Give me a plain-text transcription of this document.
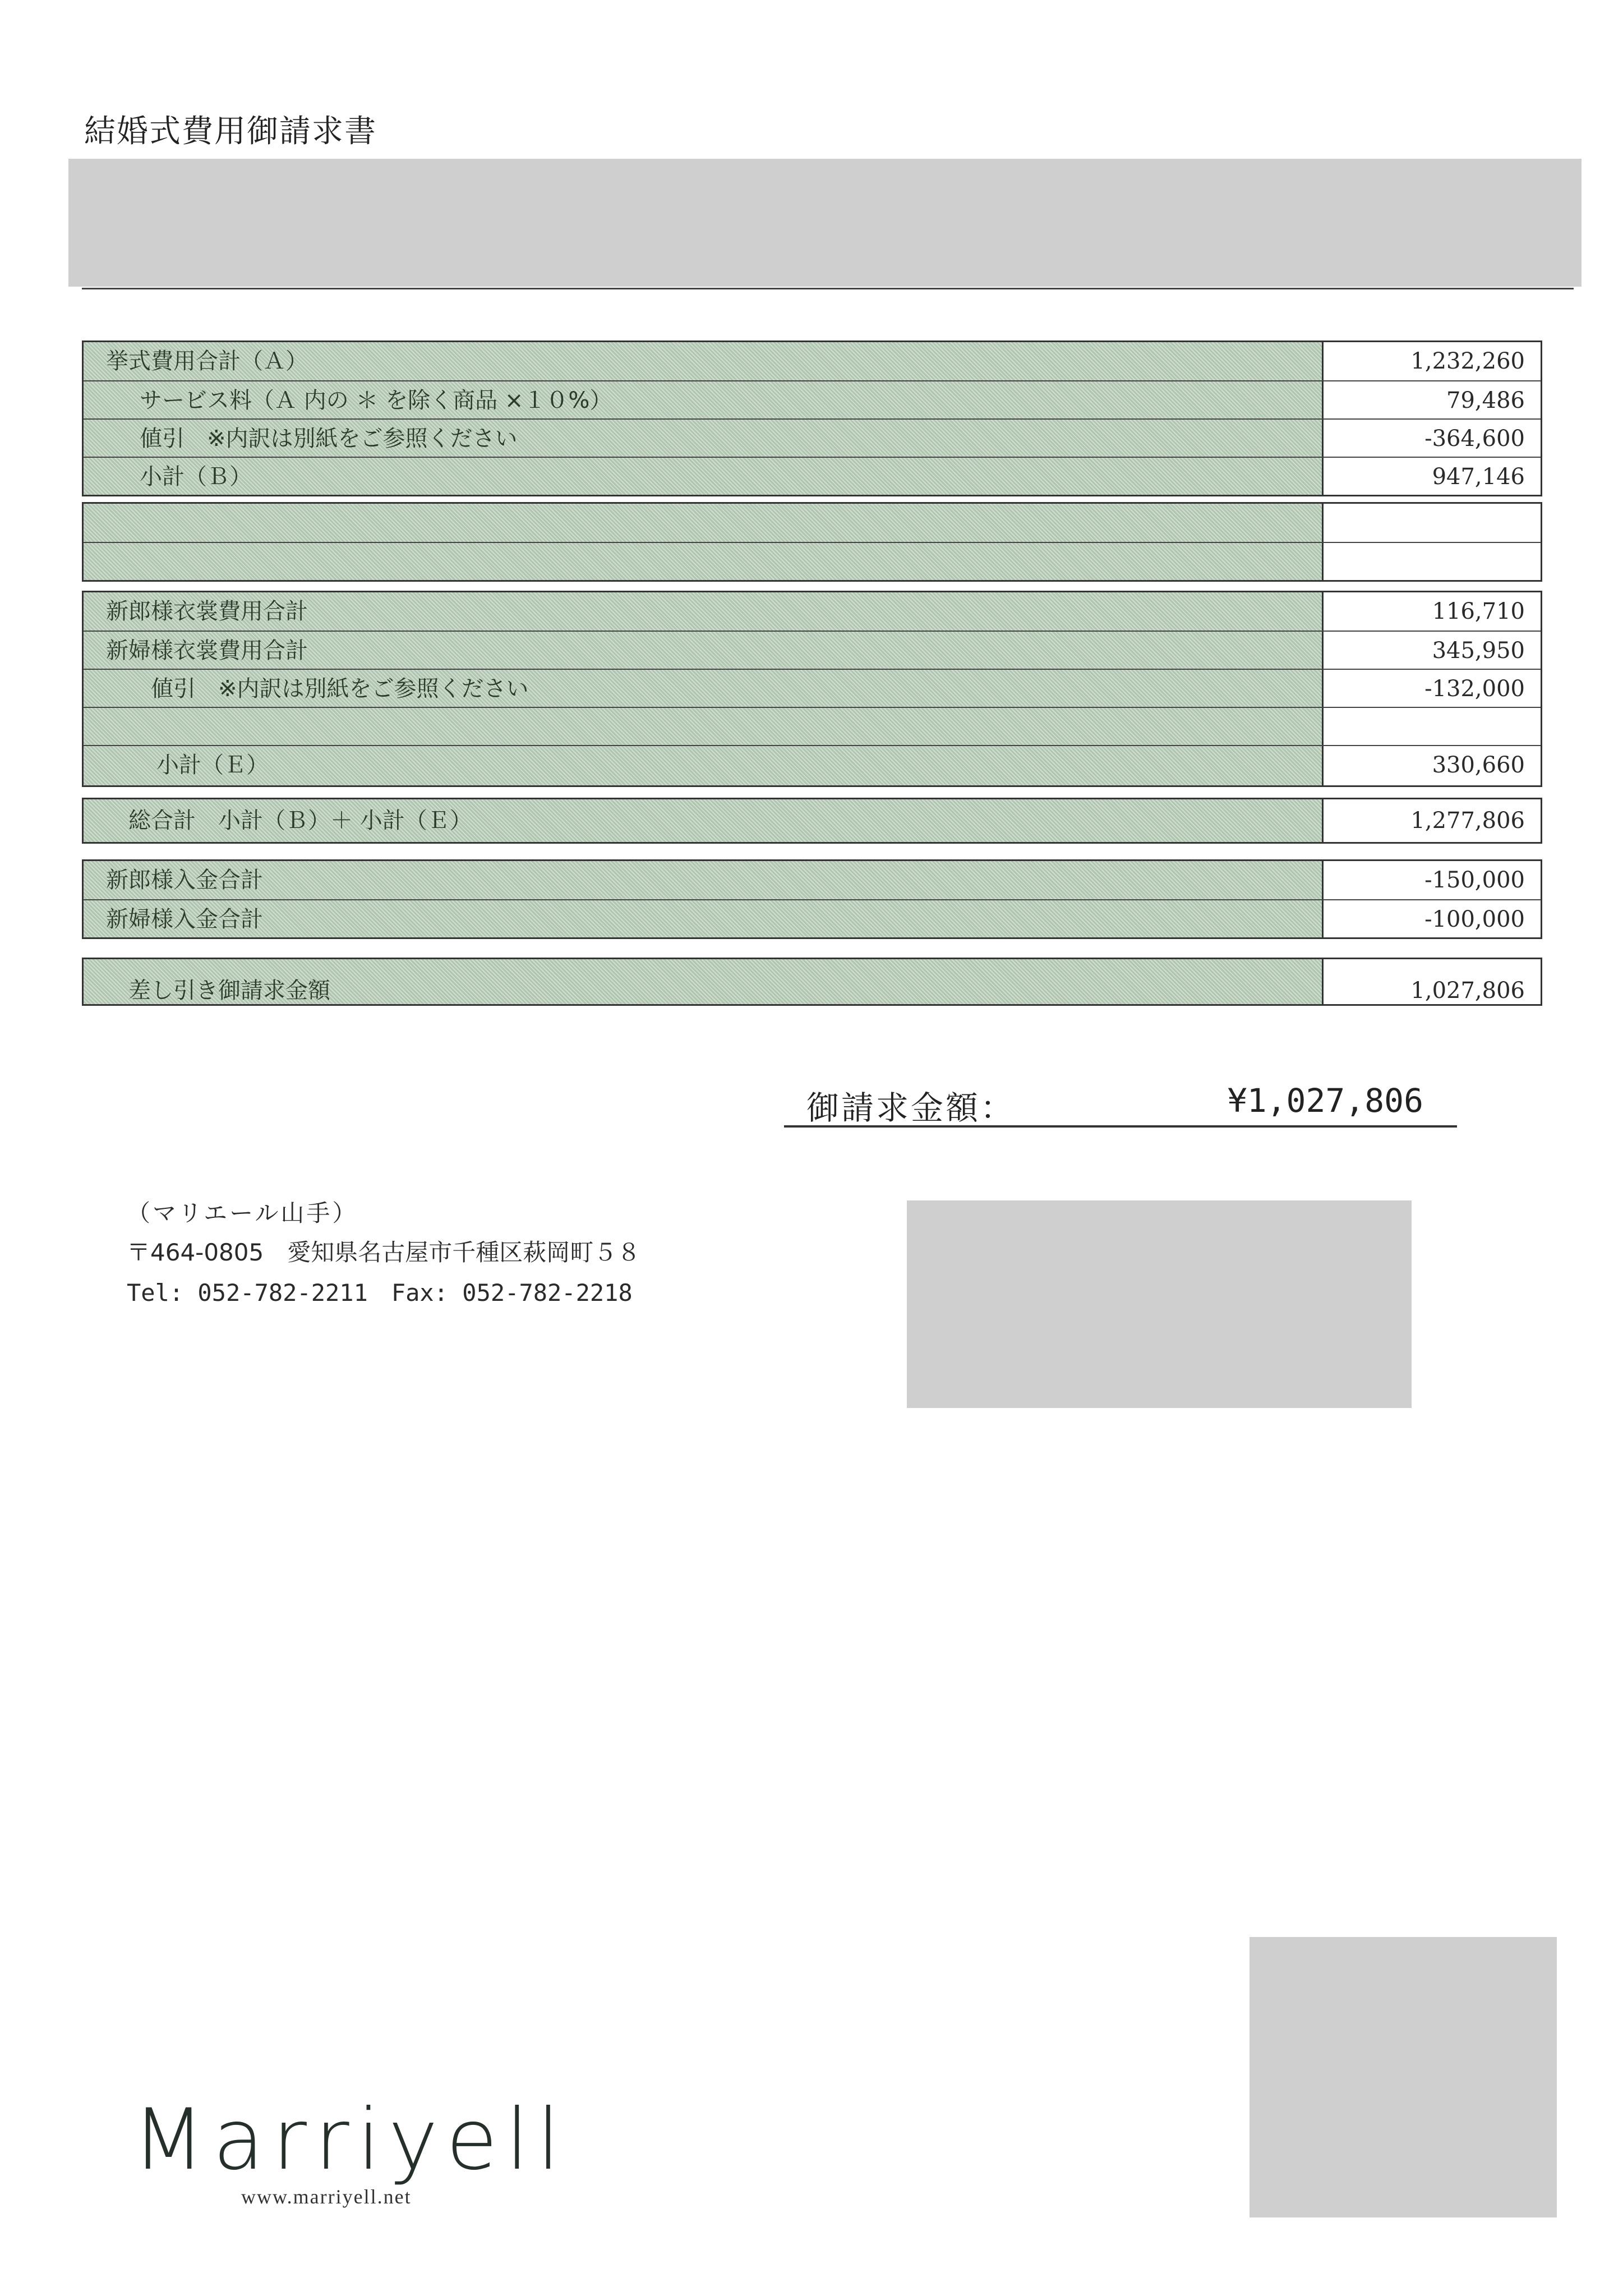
結婚式費用御請求書
挙式費用合計（Ａ）	1,232,260
サービス料（Ａ 内の ＊ を除く商品 ×１０%）	79,486
値引　※内訳は別紙をご参照ください	-364,600
小計（Ｂ）	947,146
新郎様衣裳費用合計	116,710
新婦様衣裳費用合計	345,950
値引　※内訳は別紙をご参照ください	-132,000
小計（Ｅ）	330,660
総合計　小計（Ｂ）＋ 小計（Ｅ）	1,277,806
新郎様入金合計	-150,000
新婦様入金合計	-100,000
差し引き御請求金額	1,027,806
御請求金額：	¥1,027,806
（マリエール山手）
〒464-0805　愛知県名古屋市千種区萩岡町５８
Tel: 052-782-2211　Fax: 052-782-2218
Marriyell
www.marriyell.net
